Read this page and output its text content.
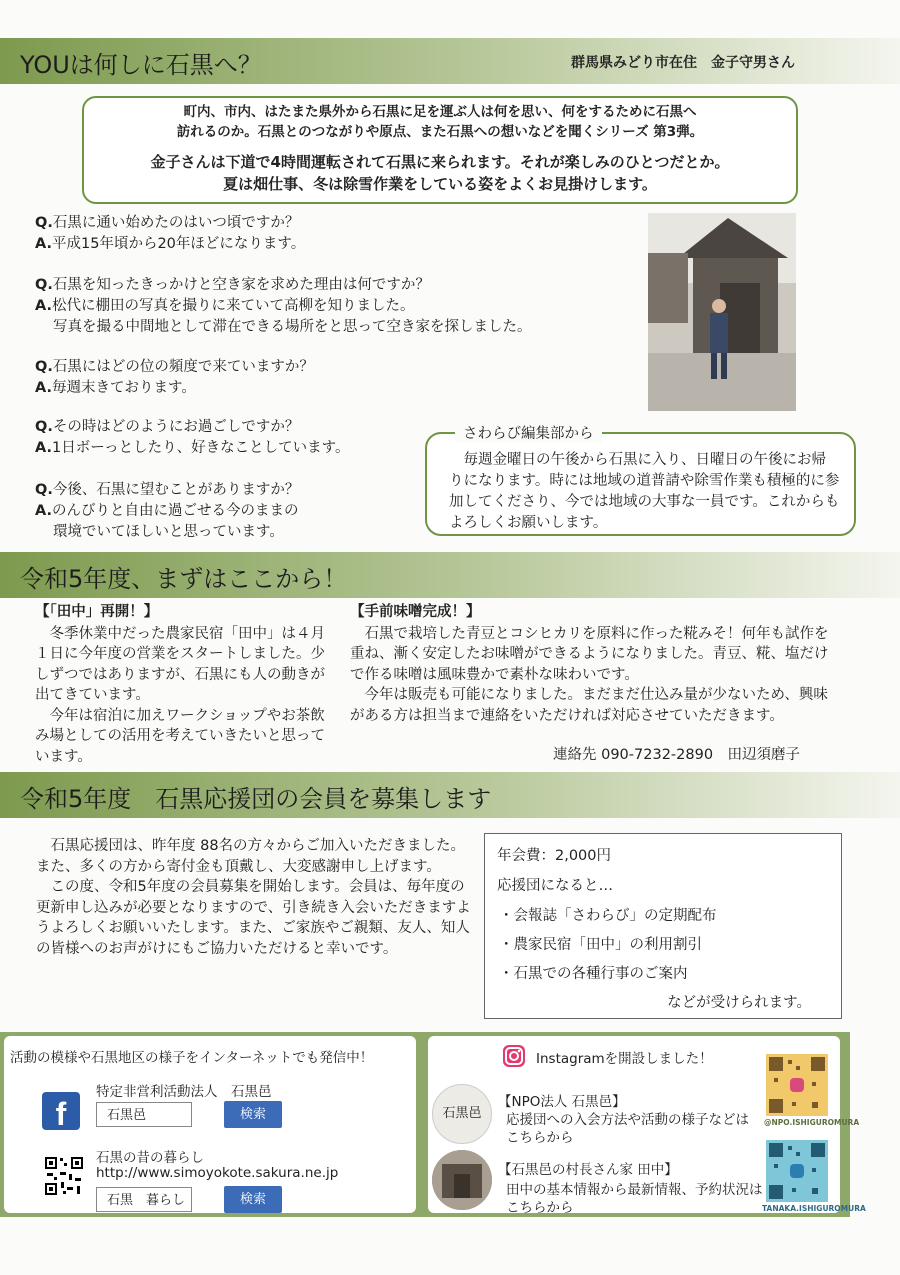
YOUは何しに石黒へ？	群馬県みどり市在住　金子守男さん
町内、市内、はたまた県外から石黒に足を運ぶ人は何を思い、何をするために石黒へ
訪れるのか。石黒とのつながりや原点、また石黒への想いなどを聞くシリーズ 第3弾。
金子さんは下道で4時間運転されて石黒に来られます。それが楽しみのひとつだとか。
夏は畑仕事、冬は除雪作業をしている姿をよくお見掛けします。
Q. 石黒に通い始めたのはいつ頃ですか？
A. 平成15年頃から20年ほどになります。
Q. 石黒を知ったきっかけと空き家を求めた理由は何ですか？
A. 松代に棚田の写真を撮りに来ていて高柳を知りました。
写真を撮る中間地として滞在できる場所をと思って空き家を探しました。
Q. 石黒にはどの位の頻度で来ていますか？
A. 毎週末きております。
Q. その時はどのようにお過ごしですか？
A. 1日ボーっとしたり、好きなことしています。
Q. 今後、石黒に望むことがありますか？
A. のんびりと自由に過ごせる今のままの
環境でいてほしいと思っています。
さわらび編集部から
毎週金曜日の午後から石黒に入り、日曜日の午後にお帰りになります。時には地域の道普請や除雪作業も積極的に参加してくださり、今では地域の大事な一員です。これからもよろしくお願いします。
令和5年度、まずはここから！
【「田中」再開！】

冬季休業中だった農家民宿「田中」は４月１日に今年度の営業をスタートしました。少しずつではありますが、石黒にも人の動きが出てきています。

今年は宿泊に加えワークショップやお茶飲み場としての活用を考えていきたいと思っています。

【手前味噌完成！】

石黒で栽培した青豆とコシヒカリを原料に作った糀みそ！何年も試作を重ね、漸く安定したお味噌ができるようになりました。青豆、糀、塩だけで作る味噌は風味豊かで素朴な味わいです。

今年は販売も可能になりました。まだまだ仕込み量が少ないため、興味がある方は担当まで連絡をいただければ対応させていただきます。

連絡先 090-7232-2890　田辺須磨子
令和5年度　石黒応援団の会員を募集します

石黒応援団は、昨年度 88名の方々からご加入いただきました。また、多くの方から寄付金も頂戴し、大変感謝申し上げます。

この度、令和5年度の会員募集を開始します。会員は、毎年度の更新申し込みが必要となりますので、引き続き入会いただきますようよろしくお願いいたします。また、ご家族やご親類、友人、知人の皆様へのお声がけにもご協力いただけると幸いです。

年会費：2,000円
応援団になると…
・会報誌「さわらび」の定期配布
・農家民宿「田中」の利用割引
・石黒での各種行事のご案内
などが受けられます。
活動の模様や石黒地区の様子をインターネットでも発信中！
f
特定非営利活動法人　石黒邑
石黒邑	検索
石黒の昔の暮らし
http://www.simoyokote.sakura.ne.jp
石黒　暮らし	検索
Instagramを開設しました！
石黒邑
【NPO法人 石黒邑】
応援団への入会方法や活動の様子などは
こちらから
【石黒邑の村長さん家 田中】
田中の基本情報から最新情報、予約状況は
こちらから
@NPO.ISHIGUROMURA
TANAKA.ISHIGUROMURA
